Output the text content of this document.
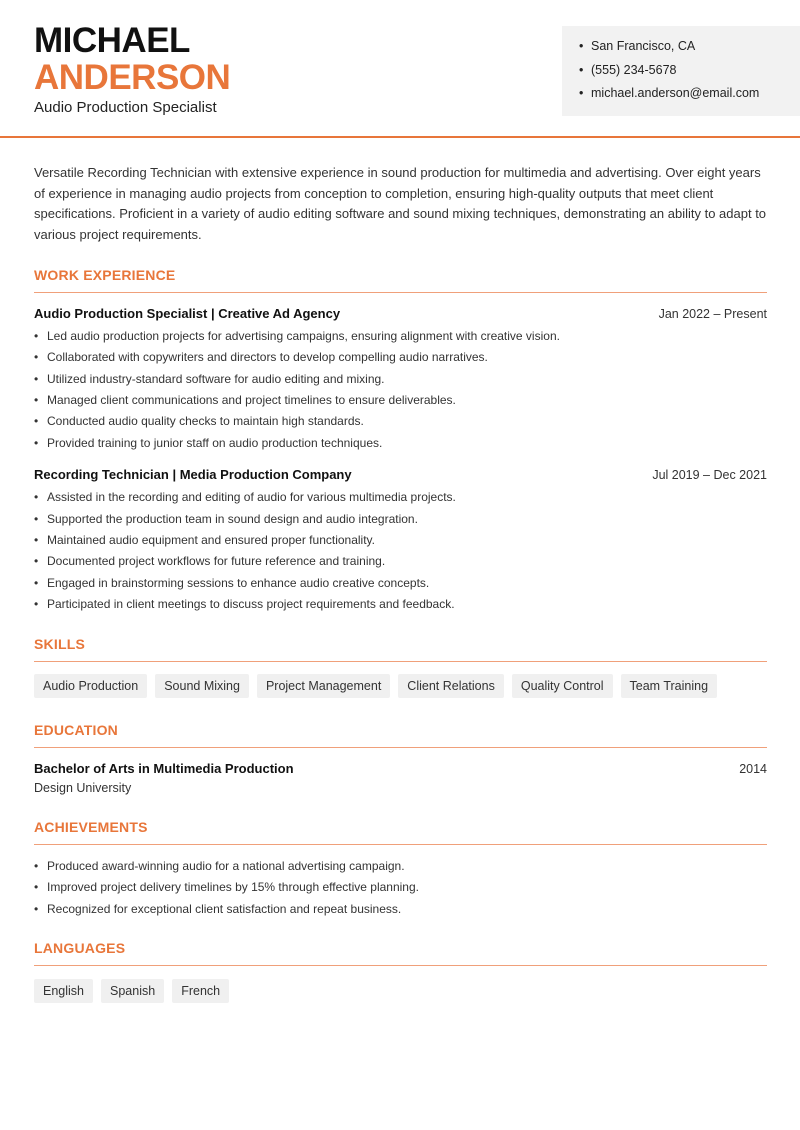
MICHAEL
ANDERSON
Audio Production Specialist
•
San Francisco, CA
•
(555) 234-5678
•
michael.anderson@email.com

Versatile Recording Technician with extensive experience in sound production for multimedia and advertising. Over eight years of experience in managing audio projects from conception to completion, ensuring high-quality outputs that meet client specifications. Proficient in a variety of audio editing software and sound mixing techniques, demonstrating an ability to adapt to various project requirements.

WORK EXPERIENCE
Audio Production Specialist | Creative Ad Agency	Jan 2022 – Present
•
Led audio production projects for advertising campaigns, ensuring alignment with creative vision.
•
Collaborated with copywriters and directors to develop compelling audio narratives.
•
Utilized industry-standard software for audio editing and mixing.
•
Managed client communications and project timelines to ensure deliverables.
•
Conducted audio quality checks to maintain high standards.
•
Provided training to junior staff on audio production techniques.
Recording Technician | Media Production Company	Jul 2019 – Dec 2021
•
Assisted in the recording and editing of audio for various multimedia projects.
•
Supported the production team in sound design and audio integration.
•
Maintained audio equipment and ensured proper functionality.
•
Documented project workflows for future reference and training.
•
Engaged in brainstorming sessions to enhance audio creative concepts.
•
Participated in client meetings to discuss project requirements and feedback.
SKILLS
Audio Production	Sound Mixing	Project Management	Client Relations	Quality Control	Team Training
EDUCATION
Bachelor of Arts in Multimedia Production	2014
Design University
ACHIEVEMENTS
•
Produced award-winning audio for a national advertising campaign.
•
Improved project delivery timelines by 15% through effective planning.
•
Recognized for exceptional client satisfaction and repeat business.
LANGUAGES
English	Spanish	French
